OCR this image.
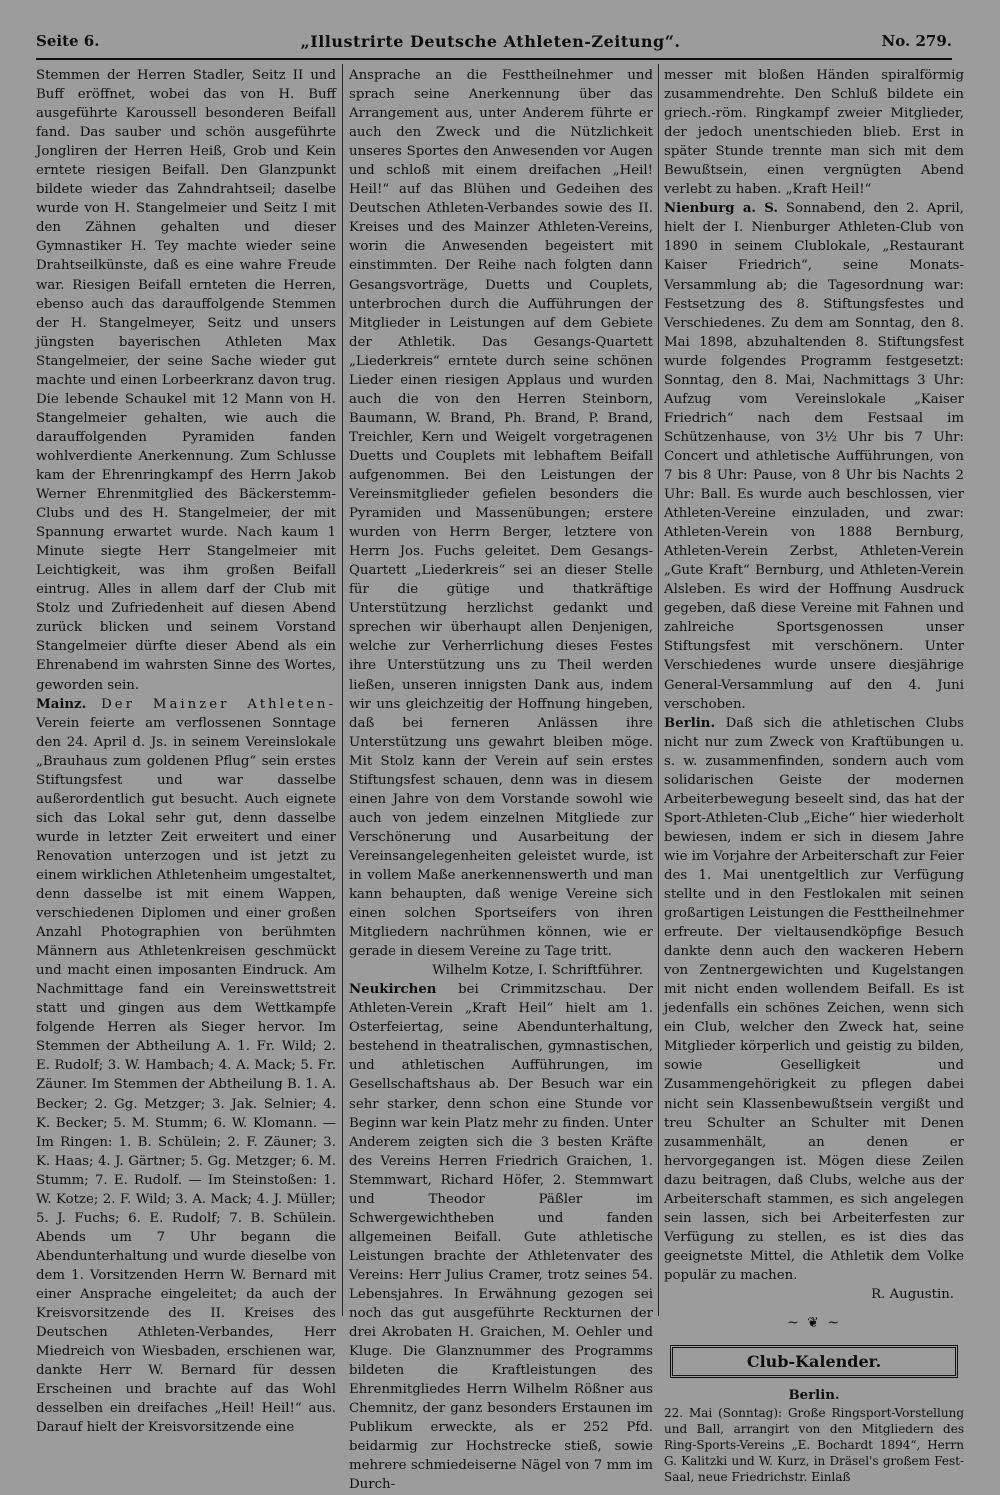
Seite 6.	„Illustrirte Deutsche Athleten-Zeitung“.	No. 279.

Stemmen der Herren Stadler, Seitz II und Buff eröffnet, wobei das von H. Buff ausgeführte Karoussell besonderen Beifall fand. Das sauber und schön ausgeführte Jongliren der Herren Heiß, Grob und Kein erntete riesigen Beifall. Den Glanzpunkt bildete wieder das Zahndrahtseil; daselbe wurde von H. Stangelmeier und Seitz I mit den Zähnen gehalten und dieser Gymnastiker H. Tey machte wieder seine Drahtseilkünste, daß es eine wahre Freude war. Riesigen Beifall ernteten die Herren, ebenso auch das darauffolgende Stemmen der H. Stangelmeyer, Seitz und unsers jüngsten bayerischen Athleten Max Stangelmeier, der seine Sache wieder gut machte und einen Lorbeerkranz davon trug. Die lebende Schaukel mit 12 Mann von H. Stangelmeier gehalten, wie auch die darauffolgenden Pyramiden fanden wohlverdiente Anerkennung. Zum Schlusse kam der Ehrenringkampf des Herrn Jakob Werner Ehrenmitglied des Bäckerstemm-Clubs und des H. Stangelmeier, der mit Spannung erwartet wurde. Nach kaum 1 Minute siegte Herr Stangelmeier mit Leichtigkeit, was ihm großen Beifall eintrug. Alles in allem darf der Club mit Stolz und Zufriedenheit auf diesen Abend zurück blicken und seinem Vorstand Stangelmeier dürfte dieser Abend als ein Ehrenabend im wahrsten Sinne des Wortes, geworden sein.

Mainz. Der Mainzer Athleten- Verein feierte am verflossenen Sonntage den 24. April d. Js. in seinem Vereinslokale „Brauhaus zum goldenen Pflug“ sein erstes Stiftungsfest und war dasselbe außerordentlich gut besucht. Auch eignete sich das Lokal sehr gut, denn dasselbe wurde in letzter Zeit erweitert und einer Renovation unterzogen und ist jetzt zu einem wirklichen Athletenheim umgestaltet, denn dasselbe ist mit einem Wappen, verschiedenen Diplomen und einer großen Anzahl Photographien von berühmten Männern aus Athletenkreisen geschmückt und macht einen imposanten Eindruck. Am Nachmittage fand ein Vereinswettstreit statt und gingen aus dem Wettkampfe folgende Herren als Sieger hervor. Im Stemmen der Abtheilung A. 1. Fr. Wild; 2. E. Rudolf; 3. W. Hambach; 4. A. Mack; 5. Fr. Zäuner. Im Stemmen der Abtheilung B. 1. A. Becker; 2. Gg. Metzger; 3. Jak. Selnier; 4. K. Becker; 5. M. Stumm; 6. W. Klomann. — Im Ringen: 1. B. Schülein; 2. F. Zäuner; 3. K. Haas; 4. J. Gärtner; 5. Gg. Metzger; 6. M. Stumm; 7. E. Rudolf. — Im Steinstoßen: 1. W. Kotze; 2. F. Wild; 3. A. Mack; 4. J. Müller; 5. J. Fuchs; 6. E. Rudolf; 7. B. Schülein. Abends um 7 Uhr begann die Abendunterhaltung und wurde dieselbe von dem 1. Vorsitzenden Herrn W. Bernard mit einer Ansprache eingeleitet; da auch der Kreisvorsitzende des II. Kreises des Deutschen Athleten-Verbandes, Herr Miedreich von Wiesbaden, erschienen war, dankte Herr W. Bernard für dessen Erscheinen und brachte auf das Wohl desselben ein dreifaches „Heil! Heil!“ aus. Darauf hielt der Kreisvorsitzende eine

Ansprache an die Festtheilnehmer und sprach seine Anerkennung über das Arrangement aus, unter Anderem führte er auch den Zweck und die Nützlichkeit unseres Sportes den Anwesenden vor Augen und schloß mit einem dreifachen „Heil! Heil!“ auf das Blühen und Gedeihen des Deutschen Athleten-Verbandes sowie des II. Kreises und des Mainzer Athleten-Vereins, worin die Anwesenden begeistert mit einstimmten. Der Reihe nach folgten dann Gesangsvorträge, Duetts und Couplets, unterbrochen durch die Aufführungen der Mitglieder in Leistungen auf dem Gebiete der Athletik. Das Gesangs-Quartett „Liederkreis“ erntete durch seine schönen Lieder einen riesigen Applaus und wurden auch die von den Herren Steinborn, Baumann, W. Brand, Ph. Brand, P. Brand, Treichler, Kern und Weigelt vorgetragenen Duetts und Couplets mit lebhaftem Beifall aufgenommen. Bei den Leistungen der Vereinsmitglieder gefielen besonders die Pyramiden und Massenübungen; erstere wurden von Herrn Berger, letztere von Herrn Jos. Fuchs geleitet. Dem Gesangs-Quartett „Liederkreis“ sei an dieser Stelle für die gütige und thatkräftige Unterstützung herzlichst gedankt und sprechen wir überhaupt allen Denjenigen, welche zur Verherrlichung dieses Festes ihre Unterstützung uns zu Theil werden ließen, unseren innigsten Dank aus, indem wir uns gleichzeitig der Hoffnung hingeben, daß bei ferneren Anlässen ihre Unterstützung uns gewahrt bleiben möge. Mit Stolz kann der Verein auf sein erstes Stiftungsfest schauen, denn was in diesem einen Jahre von dem Vorstande sowohl wie auch von jedem einzelnen Mitgliede zur Verschönerung und Ausarbeitung der Vereinsangelegenheiten geleistet wurde, ist in vollem Maße anerkennenswerth und man kann behaupten, daß wenige Vereine sich einen solchen Sportseifers von ihren Mitgliedern nachrühmen können, wie er gerade in diesem Vereine zu Tage tritt.

Wilhelm Kotze, I. Schriftführer.

Neukirchen bei Crimmitzschau. Der Athleten-Verein „Kraft Heil“ hielt am 1. Osterfeiertag, seine Abendunterhaltung, bestehend in theatralischen, gymnastischen, und athletischen Aufführungen, im Gesellschaftshaus ab. Der Besuch war ein sehr starker, denn schon eine Stunde vor Beginn war kein Platz mehr zu finden. Unter Anderem zeigten sich die 3 besten Kräfte des Vereins Herren Friedrich Graichen, 1. Stemmwart, Richard Höfer, 2. Stemmwart und Theodor Päßler im Schwergewichtheben und fanden allgemeinen Beifall. Gute athletische Leistungen brachte der Athletenvater des Vereins: Herr Julius Cramer, trotz seines 54. Lebensjahres. In Erwähnung gezogen sei noch das gut ausgeführte Reckturnen der drei Akrobaten H. Graichen, M. Oehler und Kluge. Die Glanznummer des Programms bildeten die Kraftleistungen des Ehrenmitgliedes Herrn Wilhelm Rößner aus Chemnitz, der ganz besonders Erstaunen im Publikum erweckte, als er 252 Pfd. beidarmig zur Hochstrecke stieß, sowie mehrere schmiedeiserne Nägel von 7 mm im Durch-

messer mit bloßen Händen spiralförmig zusammendrehte. Den Schluß bildete ein griech.-röm. Ringkampf zweier Mitglieder, der jedoch unentschieden blieb. Erst in später Stunde trennte man sich mit dem Bewußtsein, einen vergnügten Abend verlebt zu haben. „Kraft Heil!“

Nienburg a. S. Sonnabend, den 2. April, hielt der I. Nienburger Athleten-Club von 1890 in seinem Clublokale, „Restaurant Kaiser Friedrich“, seine Monats-Versammlung ab; die Tagesordnung war: Festsetzung des 8. Stiftungsfestes und Verschiedenes. Zu dem am Sonntag, den 8. Mai 1898, abzuhaltenden 8. Stiftungsfest wurde folgendes Programm festgesetzt: Sonntag, den 8. Mai, Nachmittags 3 Uhr: Aufzug vom Vereinslokale „Kaiser Friedrich“ nach dem Festsaal im Schützenhause, von 3½ Uhr bis 7 Uhr: Concert und athletische Aufführungen, von 7 bis 8 Uhr: Pause, von 8 Uhr bis Nachts 2 Uhr: Ball. Es wurde auch beschlossen, vier Athleten-Vereine einzuladen, und zwar: Athleten-Verein von 1888 Bernburg, Athleten-Verein Zerbst, Athleten-Verein „Gute Kraft“ Bernburg, und Athleten-Verein Alsleben. Es wird der Hoffnung Ausdruck gegeben, daß diese Vereine mit Fahnen und zahlreiche Sportsgenossen unser Stiftungsfest mit verschönern. Unter Verschiedenes wurde unsere diesjährige General-Versammlung auf den 4. Juni verschoben.

Berlin. Daß sich die athletischen Clubs nicht nur zum Zweck von Kraftübungen u. s. w. zusammenfinden, sondern auch vom solidarischen Geiste der modernen Arbeiterbewegung beseelt sind, das hat der Sport-Athleten-Club „Eiche“ hier wiederholt bewiesen, indem er sich in diesem Jahre wie im Vorjahre der Arbeiterschaft zur Feier des 1. Mai unentgeltlich zur Verfügung stellte und in den Festlokalen mit seinen großartigen Leistungen die Festtheilnehmer erfreute. Der vieltausendköpfige Besuch dankte denn auch den wackeren Hebern von Zentnergewichten und Kugelstangen mit nicht enden wollendem Beifall. Es ist jedenfalls ein schönes Zeichen, wenn sich ein Club, welcher den Zweck hat, seine Mitglieder körperlich und geistig zu bilden, sowie Geselligkeit und Zusammengehörigkeit zu pflegen dabei nicht sein Klassenbewußtsein vergißt und treu Schulter an Schulter mit Denen zusammenhält, an denen er hervorgegangen ist. Mögen diese Zeilen dazu beitragen, daß Clubs, welche aus der Arbeiterschaft stammen, es sich angelegen sein lassen, sich bei Arbeiterfesten zur Verfügung zu stellen, es ist dies das geeignetste Mittel, die Athletik dem Volke populär zu machen.

R. Augustin.

~ ❦ ~
Club-Kalender.
Berlin.

22. Mai (Sonntag): Große Ringsport-Vorstellung und Ball, arrangirt von den Mitgliedern des Ring-Sports-Vereins „E. Bochardt 1894“, Herrn G. Kalitzki und W. Kurz, in Dräsel's großem Fest-Saal, neue Friedrichstr. Einlaß
